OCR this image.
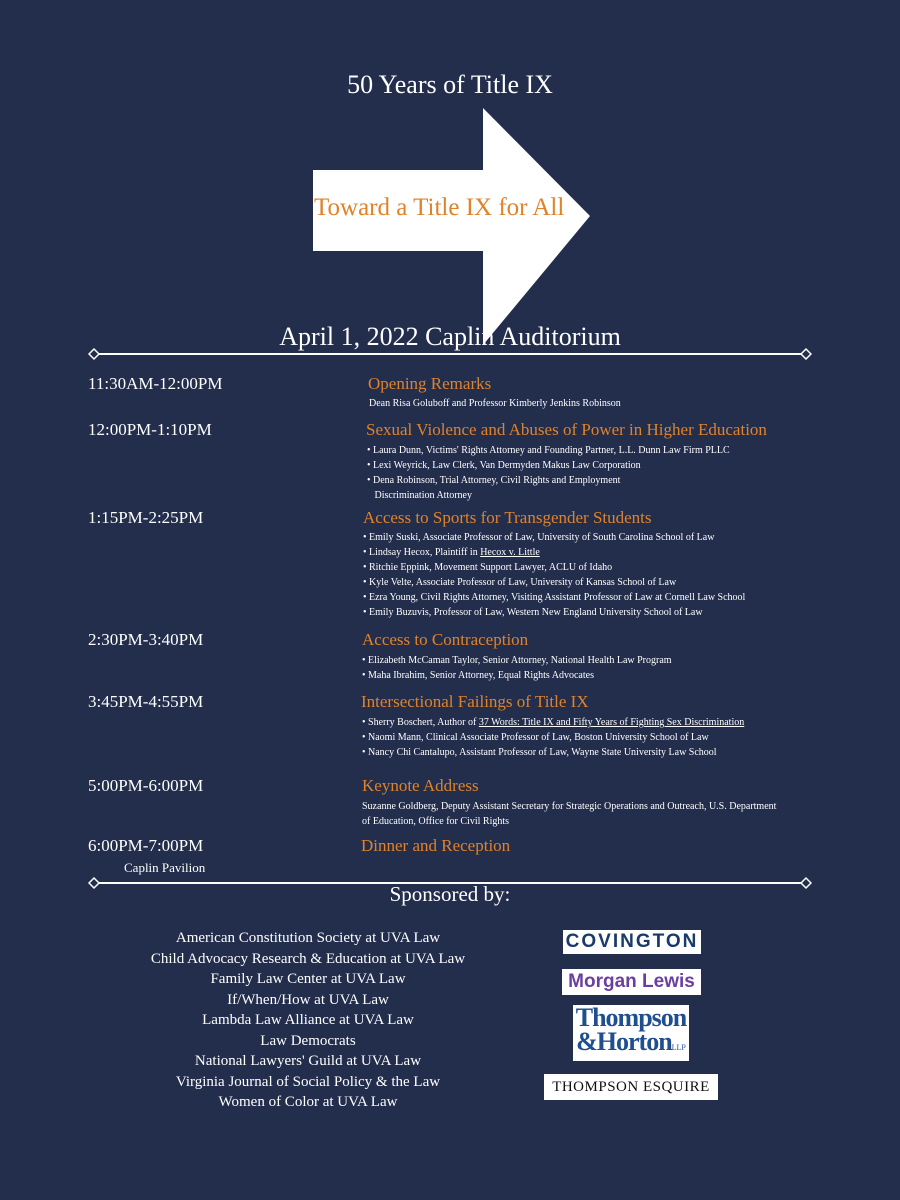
50 Years of Title IX
Toward a Title IX for All
April 1, 2022 Caplin Auditorium
11:30AM-12:00PM	Opening Remarks
Dean Risa Goluboff and Professor Kimberly Jenkins Robinson
12:00PM-1:10PM	Sexual Violence and Abuses of Power in Higher Education
• Laura Dunn, Victims' Rights Attorney and Founding Partner, L.L. Dunn Law Firm PLLC
• Lexi Weyrick, Law Clerk, Van Dermyden Makus Law Corporation
• Dena Robinson, Trial Attorney, Civil Rights and Employment
Discrimination Attorney
1:15PM-2:25PM	Access to Sports for Transgender Students
• Emily Suski, Associate Professor of Law, University of South Carolina School of Law
• Lindsay Hecox, Plaintiff in Hecox v. Little
• Ritchie Eppink, Movement Support Lawyer, ACLU of Idaho
• Kyle Velte, Associate Professor of Law, University of Kansas School of Law
• Ezra Young, Civil Rights Attorney, Visiting Assistant Professor of Law at Cornell Law School
• Emily Buzuvis, Professor of Law, Western New England University School of Law
2:30PM-3:40PM	Access to Contraception
• Elizabeth McCaman Taylor, Senior Attorney, National Health Law Program
• Maha Ibrahim, Senior Attorney, Equal Rights Advocates
3:45PM-4:55PM	Intersectional Failings of Title IX
• Sherry Boschert, Author of 37 Words: Title IX and Fifty Years of Fighting Sex Discrimination
• Naomi Mann, Clinical Associate Professor of Law, Boston University School of Law
• Nancy Chi Cantalupo, Assistant Professor of Law, Wayne State University Law School
5:00PM-6:00PM	Keynote Address
Suzanne Goldberg, Deputy Assistant Secretary for Strategic Operations and Outreach, U.S. Department
of Education, Office for Civil Rights
6:00PM-7:00PM	Dinner and Reception
Caplin Pavilion
Sponsored by:
American Constitution Society at UVA Law
Child Advocacy Research & Education at UVA Law
Family Law Center at UVA Law
If/When/How at UVA Law
Lambda Law Alliance at UVA Law
Law Democrats
National Lawyers' Guild at UVA Law
Virginia Journal of Social Policy & the Law
Women of Color at UVA Law
COVINGTON
Morgan Lewis
Thompson
&HortonLLP
THOMPSON ESQUIRE
